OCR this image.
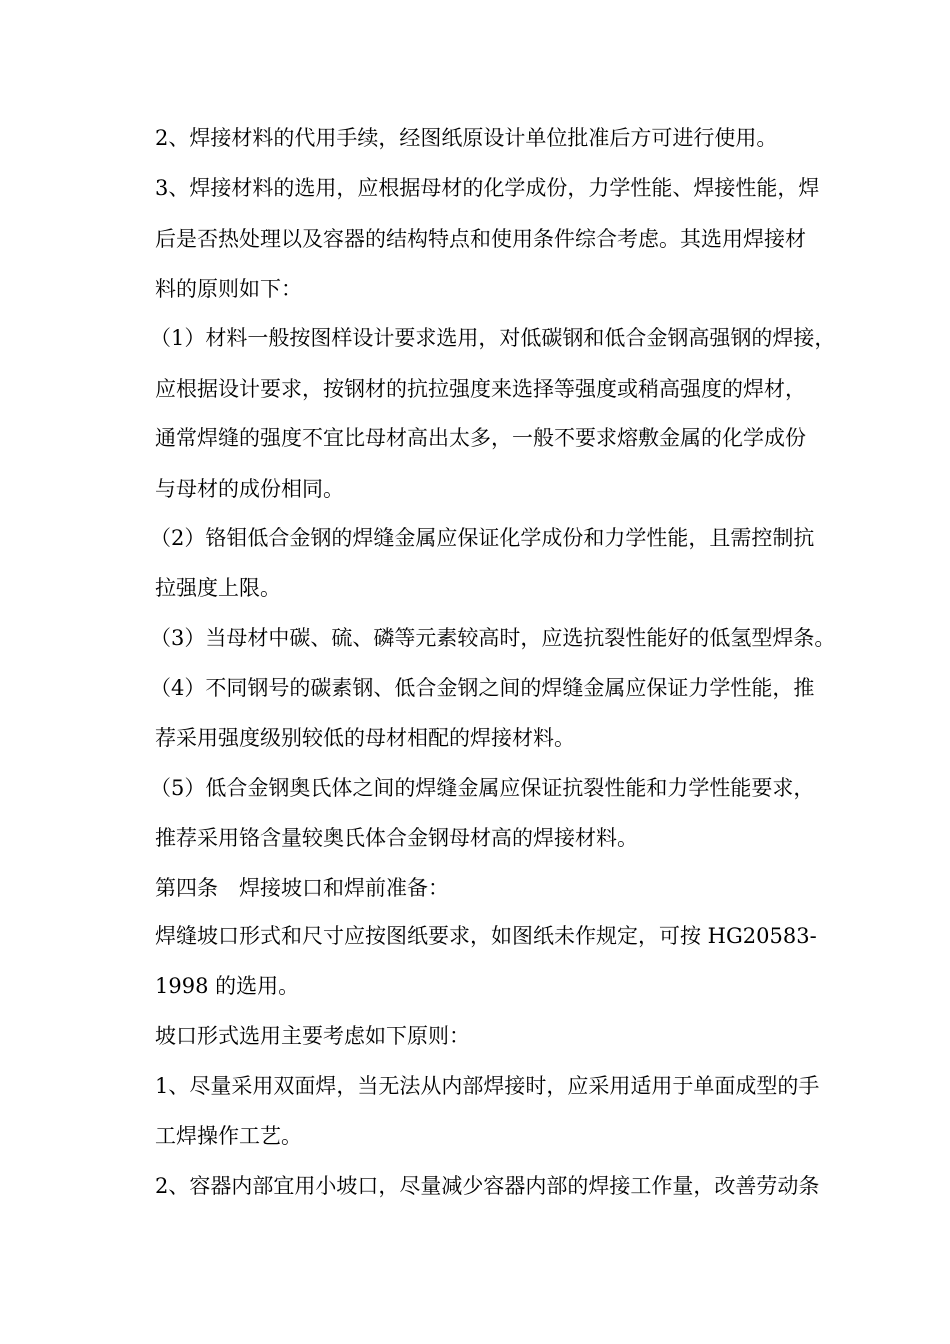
2、焊接材料的代用手续，经图纸原设计单位批准后方可进行使用。
3、焊接材料的选用，应根据母材的化学成份，力学性能、焊接性能，焊
后是否热处理以及容器的结构特点和使用条件综合考虑。其选用焊接材
料的原则如下：
（1）材料一般按图样设计要求选用，对低碳钢和低合金钢高强钢的焊接，
应根据设计要求，按钢材的抗拉强度来选择等强度或稍高强度的焊材，
通常焊缝的强度不宜比母材高出太多，一般不要求熔敷金属的化学成份
与母材的成份相同。
（2）铬钼低合金钢的焊缝金属应保证化学成份和力学性能，且需控制抗
拉强度上限。
（3）当母材中碳、硫、磷等元素较高时，应选抗裂性能好的低氢型焊条。
（4）不同钢号的碳素钢、低合金钢之间的焊缝金属应保证力学性能，推
荐采用强度级别较低的母材相配的焊接材料。
（5）低合金钢奥氏体之间的焊缝金属应保证抗裂性能和力学性能要求，
推荐采用铬含量较奥氏体合金钢母材高的焊接材料。
第四条　焊接坡口和焊前准备：
焊缝坡口形式和尺寸应按图纸要求，如图纸未作规定，可按 HG20583-
1998 的选用。
坡口形式选用主要考虑如下原则：
1、尽量采用双面焊，当无法从内部焊接时，应采用适用于单面成型的手
工焊操作工艺。
2、容器内部宜用小坡口，尽量减少容器内部的焊接工作量，改善劳动条
